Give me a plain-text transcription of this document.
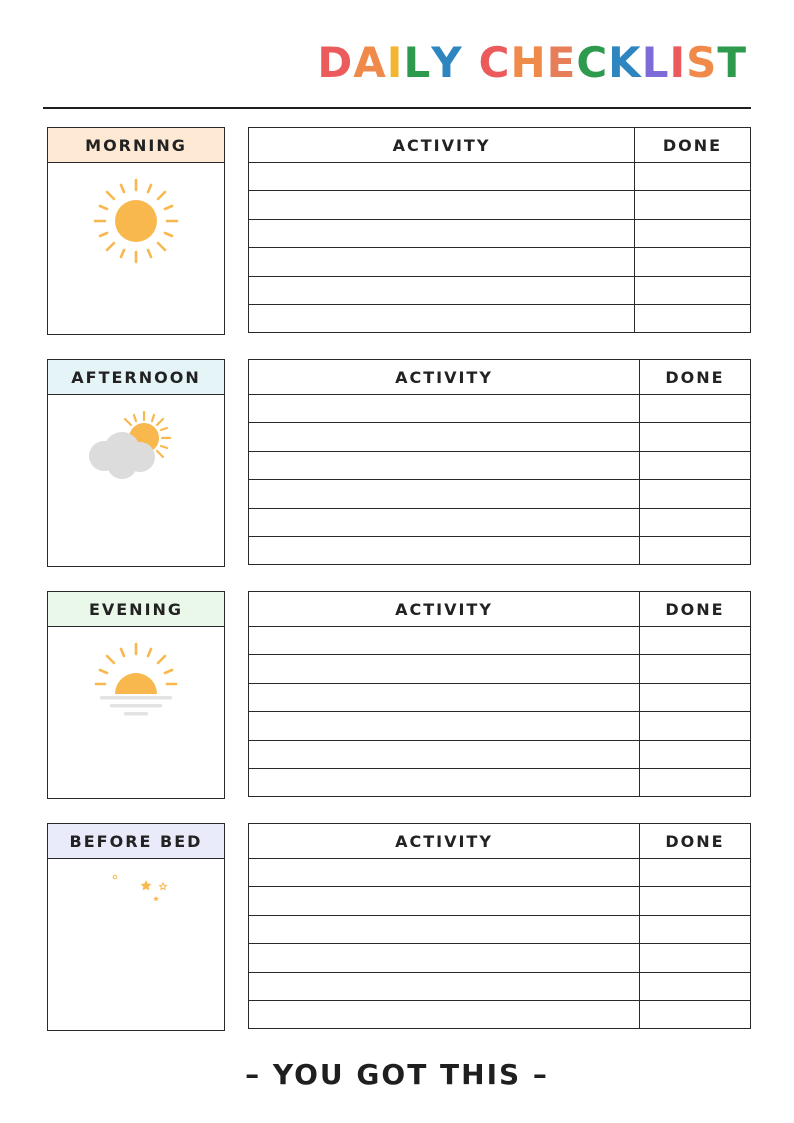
DAILY CHECKLIST
MORNING	ACTIVITY	DONE

AFTERNOON	ACTIVITY	DONE

EVENING	ACTIVITY	DONE

BEFORE BED	ACTIVITY	DONE

– YOU GOT THIS –
